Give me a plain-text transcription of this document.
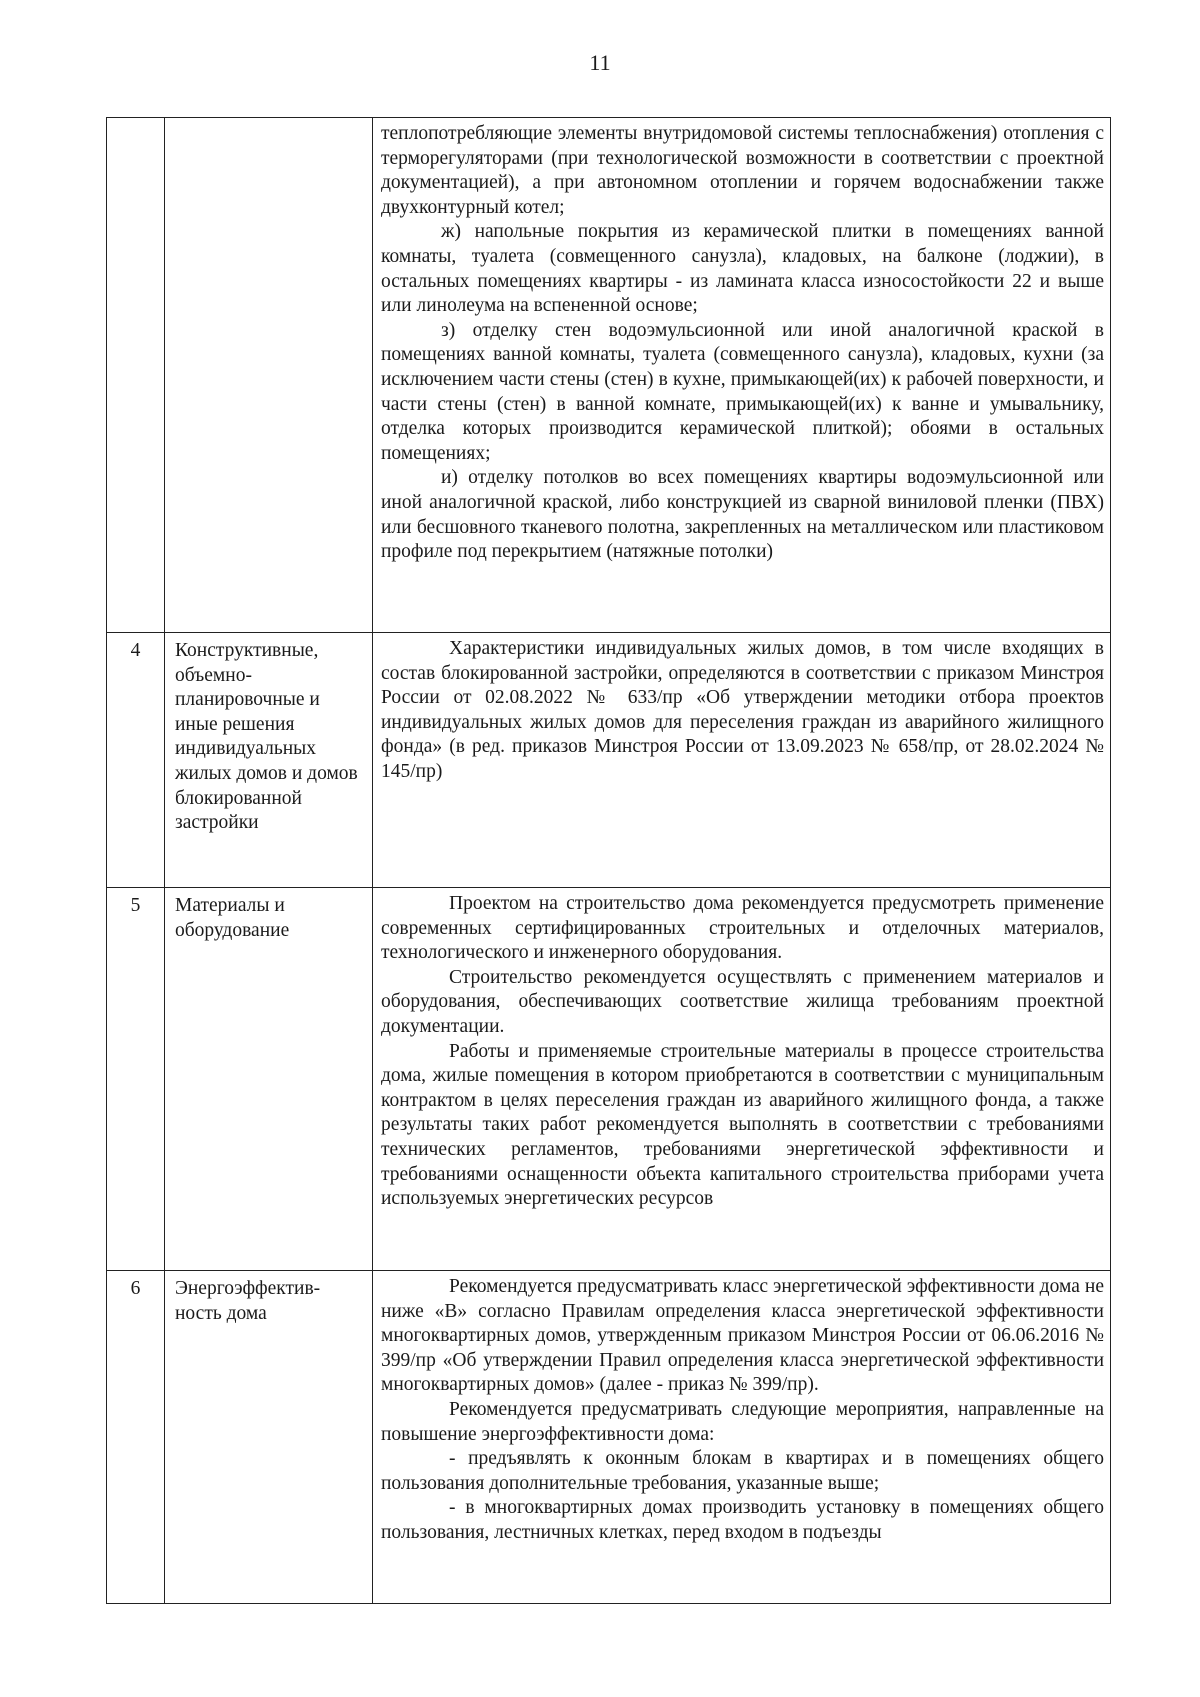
11

		теплопотребляющие элементы внутридомовой системы теплоснабжения) отопления с терморегуляторами (при технологической возможности в соответствии с проектной документацией), а при автономном отоплении и горячем водоснабжении также двухконтурный котел;

ж) напольные покрытия из керамической плитки в помещениях ванной комнаты, туалета (совмещенного санузла), кладовых, на балконе (лоджии), в остальных помещениях квартиры - из ламината класса износостойкости 22 и выше или линолеума на вспененной основе;

з) отделку стен водоэмульсионной или иной аналогичной краской в помещениях ванной комнаты, туалета (совмещенного санузла), кладовых, кухни (за исключением части стены (стен) в кухне, примыкающей(их) к рабочей поверхности, и части стены (стен) в ванной комнате, примыкающей(их) к ванне и умывальнику, отделка которых производится керамической плиткой); обоями в остальных помещениях;

и) отделку потолков во всех помещениях квартиры водоэмульсионной или иной аналогичной краской, либо конструкцией из сварной виниловой пленки (ПВХ) или бесшовного тканевого полотна, закрепленных на металлическом или пластиковом профиле под перекрытием (натяжные потолки)

4	Конструктивные, объемно-планировочные и иные решения индивидуальных жилых домов и домов блокированной застройки	Характеристики индивидуальных жилых домов, в том числе входящих в состав блокированной застройки, определяются в соответствии с приказом Минстроя России от 02.08.2022 № 633/пр «Об утверждении методики отбора проектов индивидуальных жилых домов для переселения граждан из аварийного жилищного фонда» (в ред. приказов Минстроя России от 13.09.2023 № 658/пр, от 28.02.2024 № 145/пр)

5	Материалы и оборудование	Проектом на строительство дома рекомендуется предусмотреть применение современных сертифицированных строительных и отделочных материалов, технологического и инженерного оборудования.

Строительство рекомендуется осуществлять с применением материалов и оборудования, обеспечивающих соответствие жилища требованиям проектной документации.

Работы и применяемые строительные материалы в процессе строительства дома, жилые помещения в котором приобретаются в соответствии с муниципальным контрактом в целях переселения граждан из аварийного жилищного фонда, а также результаты таких работ рекомендуется выполнять в соответствии с требованиями технических регламентов, требованиями энергетической эффективности и требованиями оснащенности объекта капитального строительства приборами учета используемых энергетических ресурсов

6	Энергоэффектив-ность дома	Рекомендуется предусматривать класс энергетической эффективности дома не ниже «B» согласно Правилам определения класса энергетической эффективности многоквартирных домов, утвержденным приказом Минстроя России от 06.06.2016 № 399/пр «Об утверждении Правил определения класса энергетической эффективности многоквартирных домов» (далее - приказ № 399/пр).

Рекомендуется предусматривать следующие мероприятия, направленные на повышение энергоэффективности дома:

- предъявлять к оконным блокам в квартирах и в помещениях общего пользования дополнительные требования, указанные выше;

- в многоквартирных домах производить установку в помещениях общего пользования, лестничных клетках, перед входом в подъезды
